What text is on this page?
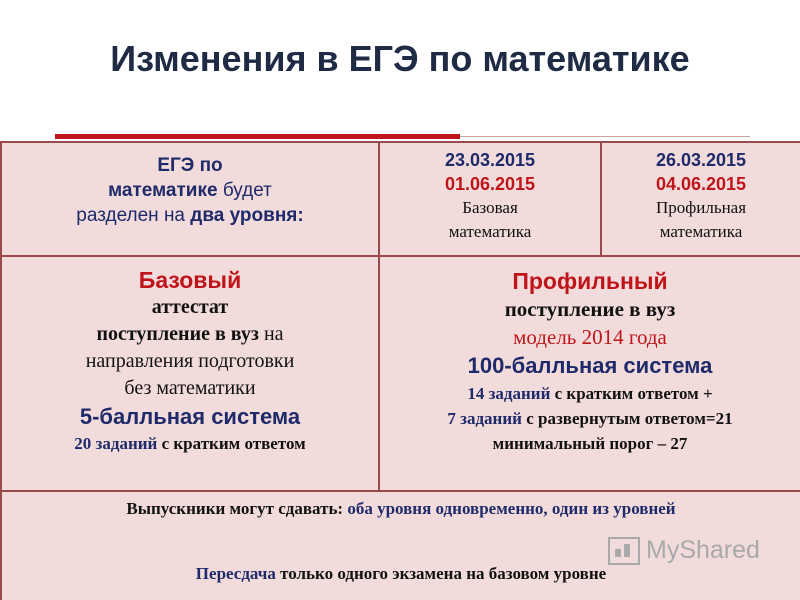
Изменения в ЕГЭ по математике
ЕГЭ по
математике будет
разделен на два уровня:
23.03.2015
01.06.2015
Базовая
математика
26.03.2015
04.06.2015
Профильная
математика
Базовый
аттестат
поступление в вуз на
направления подготовки
без математики
5-балльная система
20 заданий с кратким ответом
Профильный
поступление в вуз
модель 2014 года
100-балльная система
14 заданий с кратким ответом +
7 заданий с развернутым ответом=21
минимальный порог – 27
Выпускники могут сдавать: оба уровня одновременно, один из уровней
Пересдача только одного экзамена на базовом уровне
MyShared
